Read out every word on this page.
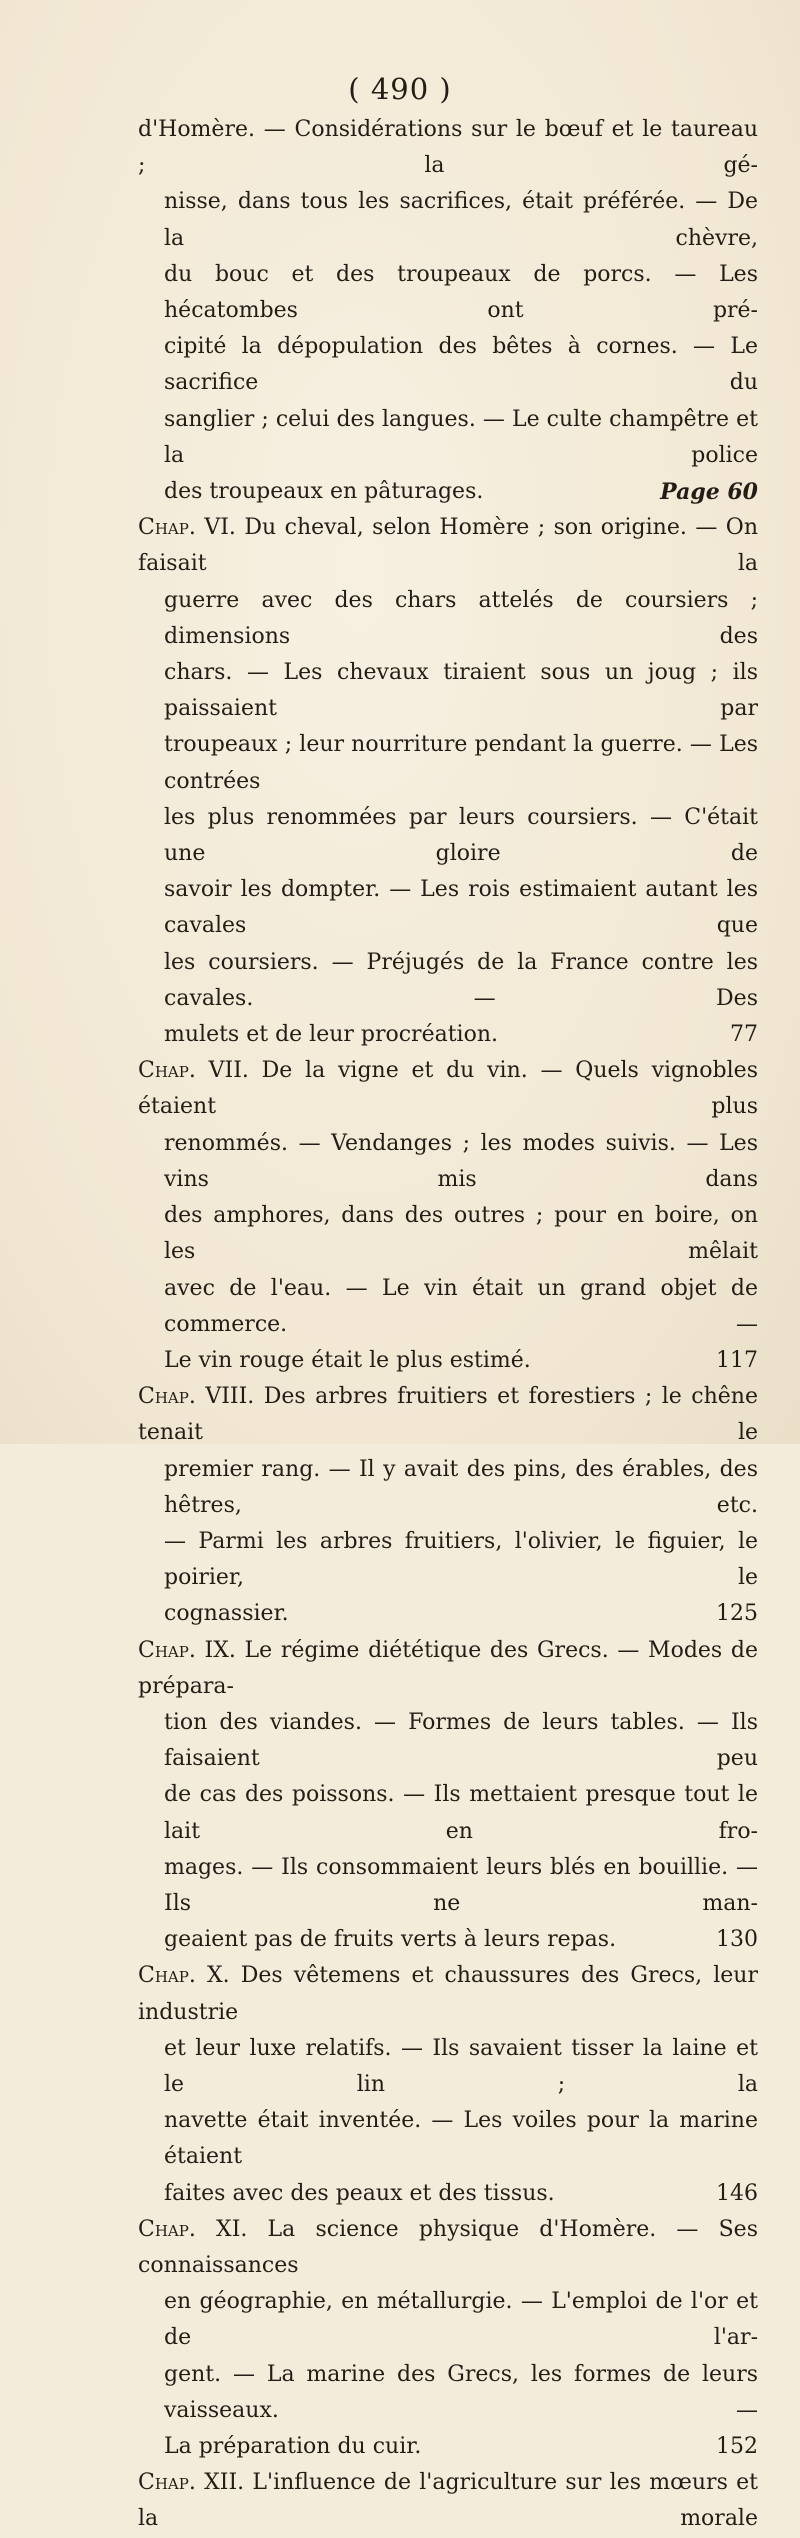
( 490 )
d'Homère. — Considérations sur le bœuf et le taureau ; la gé-
nisse, dans tous les sacrifices, était préférée. — De la chèvre,
du bouc et des troupeaux de porcs. — Les hécatombes ont pré-
cipité la dépopulation des bêtes à cornes. — Le sacrifice du
sanglier ; celui des langues. — Le culte champêtre et la police
des troupeaux en pâturages.	Page 60
Chap. VI. Du cheval, selon Homère ; son origine. — On faisait la
guerre avec des chars attelés de coursiers ; dimensions des
chars. — Les chevaux tiraient sous un joug ; ils paissaient par
troupeaux ; leur nourriture pendant la guerre. — Les contrées
les plus renommées par leurs coursiers. — C'était une gloire de
savoir les dompter. — Les rois estimaient autant les cavales que
les coursiers. — Préjugés de la France contre les cavales. — Des
mulets et de leur procréation.	77
Chap. VII. De la vigne et du vin. — Quels vignobles étaient plus
renommés. — Vendanges ; les modes suivis. — Les vins mis dans
des amphores, dans des outres ; pour en boire, on les mêlait
avec de l'eau. — Le vin était un grand objet de commerce. —
Le vin rouge était le plus estimé.	117
Chap. VIII. Des arbres fruitiers et forestiers ; le chêne tenait le
premier rang. — Il y avait des pins, des érables, des hêtres, etc.
— Parmi les arbres fruitiers, l'olivier, le figuier, le poirier, le
cognassier.	125
Chap. IX. Le régime diététique des Grecs. — Modes de prépara-
tion des viandes. — Formes de leurs tables. — Ils faisaient peu
de cas des poissons. — Ils mettaient presque tout le lait en fro-
mages. — Ils consommaient leurs blés en bouillie. — Ils ne man-
geaient pas de fruits verts à leurs repas.	130
Chap. X. Des vêtemens et chaussures des Grecs, leur industrie
et leur luxe relatifs. — Ils savaient tisser la laine et le lin ; la
navette était inventée. — Les voiles pour la marine étaient
faites avec des peaux et des tissus.	146
Chap. XI. La science physique d'Homère. — Ses connaissances
en géographie, en métallurgie. — L'emploi de l'or et de l'ar-
gent. — La marine des Grecs, les formes de leurs vaisseaux. —
La préparation du cuir.	152
Chap. XII. L'influence de l'agriculture sur les mœurs et la morale
